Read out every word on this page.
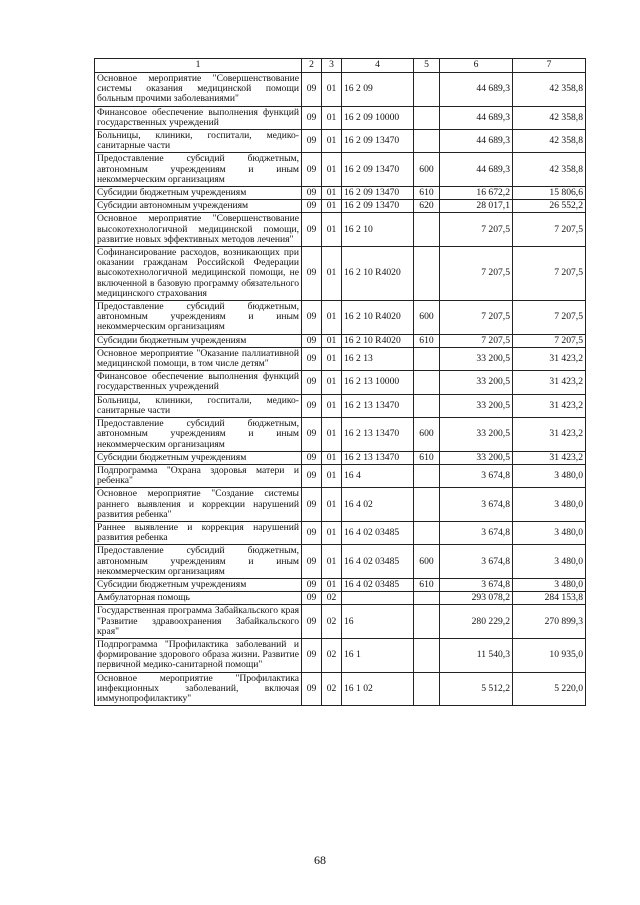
1	2	3	4	5	6	7
Основное мероприятие "Совершенствование системы оказания медицинской помощи больным прочими заболеваниями"	09	01	16 2 09		44 689,3	42 358,8
Финансовое обеспечение выполнения функций государственных учреждений	09	01	16 2 09 10000		44 689,3	42 358,8
Больницы, клиники, госпитали, медико-санитарные части	09	01	16 2 09 13470		44 689,3	42 358,8
Предоставление субсидий бюджетным, автономным учреждениям и иным некоммерческим организациям	09	01	16 2 09 13470	600	44 689,3	42 358,8
Субсидии бюджетным учреждениям	09	01	16 2 09 13470	610	16 672,2	15 806,6
Субсидии автономным учреждениям	09	01	16 2 09 13470	620	28 017,1	26 552,2
Основное мероприятие "Совершенствование высокотехнологичной медицинской помощи, развитие новых эффективных методов лечения"	09	01	16 2 10		7 207,5	7 207,5
Софинансирование расходов, возникающих при оказании гражданам Российской Федерации высокотехнологичной медицинской помощи, не включенной в базовую программу обязательного медицинского страхования	09	01	16 2 10 R4020		7 207,5	7 207,5
Предоставление субсидий бюджетным, автономным учреждениям и иным некоммерческим организациям	09	01	16 2 10 R4020	600	7 207,5	7 207,5
Субсидии бюджетным учреждениям	09	01	16 2 10 R4020	610	7 207,5	7 207,5
Основное мероприятие "Оказание паллиативной медицинской помощи, в том числе детям"	09	01	16 2 13		33 200,5	31 423,2
Финансовое обеспечение выполнения функций государственных учреждений	09	01	16 2 13 10000		33 200,5	31 423,2
Больницы, клиники, госпитали, медико-санитарные части	09	01	16 2 13 13470		33 200,5	31 423,2
Предоставление субсидий бюджетным, автономным учреждениям и иным некоммерческим организациям	09	01	16 2 13 13470	600	33 200,5	31 423,2
Субсидии бюджетным учреждениям	09	01	16 2 13 13470	610	33 200,5	31 423,2
Подпрограмма "Охрана здоровья матери и ребенка"	09	01	16 4		3 674,8	3 480,0
Основное мероприятие "Создание системы раннего выявления и коррекции нарушений развития ребенка"	09	01	16 4 02		3 674,8	3 480,0
Раннее выявление и коррекция нарушений развития ребенка	09	01	16 4 02 03485		3 674,8	3 480,0
Предоставление субсидий бюджетным, автономным учреждениям и иным некоммерческим организациям	09	01	16 4 02 03485	600	3 674,8	3 480,0
Субсидии бюджетным учреждениям	09	01	16 4 02 03485	610	3 674,8	3 480,0
Амбулаторная помощь	09	02			293 078,2	284 153,8
Государственная программа Забайкальского края "Развитие здравоохранения Забайкальского края"	09	02	16		280 229,2	270 899,3
Подпрограмма "Профилактика заболеваний и формирование здорового образа жизни. Развитие первичной медико-санитарной помощи"	09	02	16 1		11 540,3	10 935,0
Основное мероприятие "Профилактика инфекционных заболеваний, включая иммунопрофилактику"	09	02	16 1 02		5 512,2	5 220,0
68
